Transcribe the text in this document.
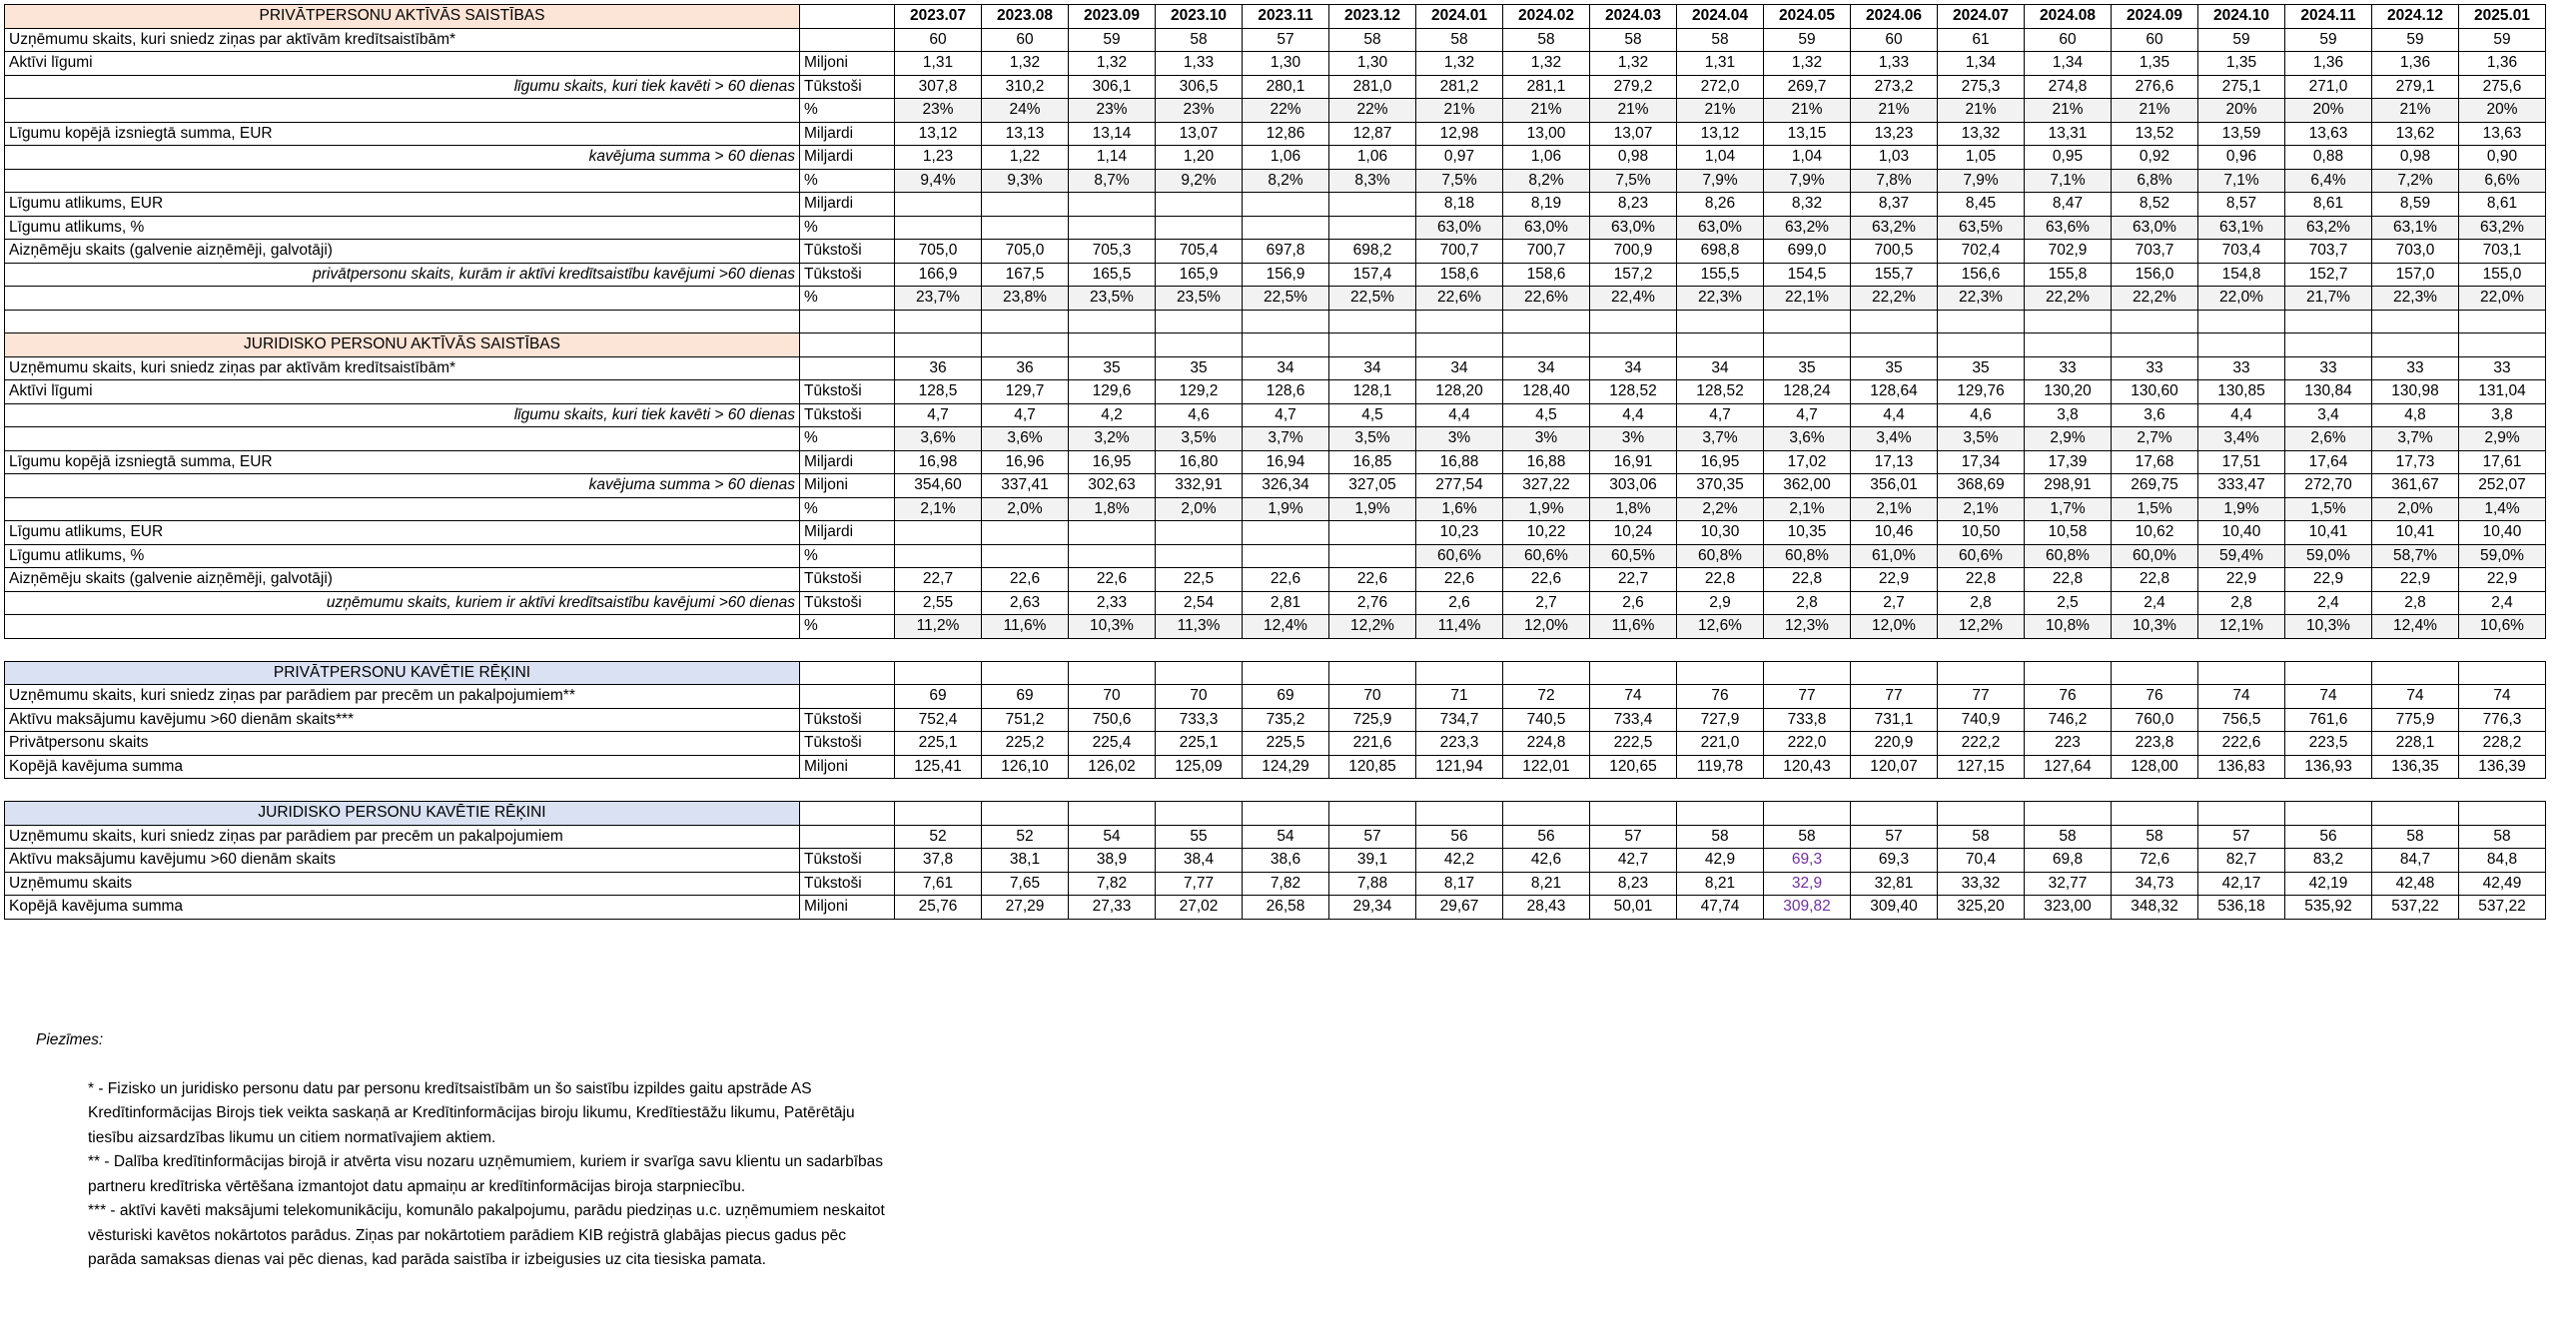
PRIVĀTPERSONU AKTĪVĀS SAISTĪBAS		2023.07	2023.08	2023.09	2023.10	2023.11	2023.12	2024.01	2024.02	2024.03	2024.04	2024.05	2024.06	2024.07	2024.08	2024.09	2024.10	2024.11	2024.12	2025.01
Uzņēmumu skaits, kuri sniedz ziņas par aktīvām kredītsaistībām*		60	60	59	58	57	58	58	58	58	58	59	60	61	60	60	59	59	59	59
Aktīvi līgumi	Miljoni	1,31	1,32	1,32	1,33	1,30	1,30	1,32	1,32	1,32	1,31	1,32	1,33	1,34	1,34	1,35	1,35	1,36	1,36	1,36
līgumu skaits, kuri tiek kavēti > 60 dienas	Tūkstoši	307,8	310,2	306,1	306,5	280,1	281,0	281,2	281,1	279,2	272,0	269,7	273,2	275,3	274,8	276,6	275,1	271,0	279,1	275,6
	%	23%	24%	23%	23%	22%	22%	21%	21%	21%	21%	21%	21%	21%	21%	21%	20%	20%	21%	20%
Līgumu kopējā izsniegtā summa, EUR	Miljardi	13,12	13,13	13,14	13,07	12,86	12,87	12,98	13,00	13,07	13,12	13,15	13,23	13,32	13,31	13,52	13,59	13,63	13,62	13,63
kavējuma summa > 60 dienas	Miljardi	1,23	1,22	1,14	1,20	1,06	1,06	0,97	1,06	0,98	1,04	1,04	1,03	1,05	0,95	0,92	0,96	0,88	0,98	0,90
	%	9,4%	9,3%	8,7%	9,2%	8,2%	8,3%	7,5%	8,2%	7,5%	7,9%	7,9%	7,8%	7,9%	7,1%	6,8%	7,1%	6,4%	7,2%	6,6%
Līgumu atlikums, EUR	Miljardi							8,18	8,19	8,23	8,26	8,32	8,37	8,45	8,47	8,52	8,57	8,61	8,59	8,61
Līgumu atlikums, %	%							63,0%	63,0%	63,0%	63,0%	63,2%	63,2%	63,5%	63,6%	63,0%	63,1%	63,2%	63,1%	63,2%
Aizņēmēju skaits (galvenie aizņēmēji, galvotāji)	Tūkstoši	705,0	705,0	705,3	705,4	697,8	698,2	700,7	700,7	700,9	698,8	699,0	700,5	702,4	702,9	703,7	703,4	703,7	703,0	703,1
privātpersonu skaits, kurām ir aktīvi kredītsaistību kavējumi >60 dienas	Tūkstoši	166,9	167,5	165,5	165,9	156,9	157,4	158,6	158,6	157,2	155,5	154,5	155,7	156,6	155,8	156,0	154,8	152,7	157,0	155,0
	%	23,7%	23,8%	23,5%	23,5%	22,5%	22,5%	22,6%	22,6%	22,4%	22,3%	22,1%	22,2%	22,3%	22,2%	22,2%	22,0%	21,7%	22,3%	22,0%

JURIDISKO PERSONU AKTĪVĀS SAISTĪBAS																				
Uzņēmumu skaits, kuri sniedz ziņas par aktīvām kredītsaistībām*		36	36	35	35	34	34	34	34	34	34	35	35	35	33	33	33	33	33	33
Aktīvi līgumi	Tūkstoši	128,5	129,7	129,6	129,2	128,6	128,1	128,20	128,40	128,52	128,52	128,24	128,64	129,76	130,20	130,60	130,85	130,84	130,98	131,04
līgumu skaits, kuri tiek kavēti > 60 dienas	Tūkstoši	4,7	4,7	4,2	4,6	4,7	4,5	4,4	4,5	4,4	4,7	4,7	4,4	4,6	3,8	3,6	4,4	3,4	4,8	3,8
	%	3,6%	3,6%	3,2%	3,5%	3,7%	3,5%	3%	3%	3%	3,7%	3,6%	3,4%	3,5%	2,9%	2,7%	3,4%	2,6%	3,7%	2,9%
Līgumu kopējā izsniegtā summa, EUR	Miljardi	16,98	16,96	16,95	16,80	16,94	16,85	16,88	16,88	16,91	16,95	17,02	17,13	17,34	17,39	17,68	17,51	17,64	17,73	17,61
kavējuma summa > 60 dienas	Miljoni	354,60	337,41	302,63	332,91	326,34	327,05	277,54	327,22	303,06	370,35	362,00	356,01	368,69	298,91	269,75	333,47	272,70	361,67	252,07
	%	2,1%	2,0%	1,8%	2,0%	1,9%	1,9%	1,6%	1,9%	1,8%	2,2%	2,1%	2,1%	2,1%	1,7%	1,5%	1,9%	1,5%	2,0%	1,4%
Līgumu atlikums, EUR	Miljardi							10,23	10,22	10,24	10,30	10,35	10,46	10,50	10,58	10,62	10,40	10,41	10,41	10,40
Līgumu atlikums, %	%							60,6%	60,6%	60,5%	60,8%	60,8%	61,0%	60,6%	60,8%	60,0%	59,4%	59,0%	58,7%	59,0%
Aizņēmēju skaits (galvenie aizņēmēji, galvotāji)	Tūkstoši	22,7	22,6	22,6	22,5	22,6	22,6	22,6	22,6	22,7	22,8	22,8	22,9	22,8	22,8	22,8	22,9	22,9	22,9	22,9
uzņēmumu skaits, kuriem ir aktīvi kredītsaistību kavējumi >60 dienas	Tūkstoši	2,55	2,63	2,33	2,54	2,81	2,76	2,6	2,7	2,6	2,9	2,8	2,7	2,8	2,5	2,4	2,8	2,4	2,8	2,4
	%	11,2%	11,6%	10,3%	11,3%	12,4%	12,2%	11,4%	12,0%	11,6%	12,6%	12,3%	12,0%	12,2%	10,8%	10,3%	12,1%	10,3%	12,4%	10,6%

PRIVĀTPERSONU KAVĒTIE RĒĶINI																				
Uzņēmumu skaits, kuri sniedz ziņas par parādiem par precēm un pakalpojumiem**		69	69	70	70	69	70	71	72	74	76	77	77	77	76	76	74	74	74	74
Aktīvu maksājumu kavējumu >60 dienām skaits***	Tūkstoši	752,4	751,2	750,6	733,3	735,2	725,9	734,7	740,5	733,4	727,9	733,8	731,1	740,9	746,2	760,0	756,5	761,6	775,9	776,3
Privātpersonu skaits	Tūkstoši	225,1	225,2	225,4	225,1	225,5	221,6	223,3	224,8	222,5	221,0	222,0	220,9	222,2	223	223,8	222,6	223,5	228,1	228,2
Kopējā kavējuma summa	Miljoni	125,41	126,10	126,02	125,09	124,29	120,85	121,94	122,01	120,65	119,78	120,43	120,07	127,15	127,64	128,00	136,83	136,93	136,35	136,39

JURIDISKO PERSONU KAVĒTIE RĒĶINI																				
Uzņēmumu skaits, kuri sniedz ziņas par parādiem par precēm un pakalpojumiem		52	52	54	55	54	57	56	56	57	58	58	57	58	58	58	57	56	58	58
Aktīvu maksājumu kavējumu >60 dienām skaits	Tūkstoši	37,8	38,1	38,9	38,4	38,6	39,1	42,2	42,6	42,7	42,9	69,3	69,3	70,4	69,8	72,6	82,7	83,2	84,7	84,8
Uzņēmumu skaits	Tūkstoši	7,61	7,65	7,82	7,77	7,82	7,88	8,17	8,21	8,23	8,21	32,9	32,81	33,32	32,77	34,73	42,17	42,19	42,48	42,49
Kopējā kavējuma summa	Miljoni	25,76	27,29	27,33	27,02	26,58	29,34	29,67	28,43	50,01	47,74	309,82	309,40	325,20	323,00	348,32	536,18	535,92	537,22	537,22
Piezīmes:

* - Fizisko un juridisko personu datu par personu kredītsaistībām un šo saistību izpildes gaitu apstrāde AS Kredītinformācijas Birojs tiek veikta saskaņā ar Kredītinformācijas biroju likumu, Kredītiestāžu likumu, Patērētāju tiesību aizsardzības likumu un citiem normatīvajiem aktiem.

** - Dalība kredītinformācijas birojā ir atvērta visu nozaru uzņēmumiem, kuriem ir svarīga savu klientu un sadarbības partneru kredītriska vērtēšana izmantojot datu apmaiņu ar kredītinformācijas biroja starpniecību.

*** - aktīvi kavēti maksājumi telekomunikāciju, komunālo pakalpojumu, parādu piedziņas u.c. uzņēmumiem neskaitot vēsturiski kavētos nokārtotos parādus. Ziņas par nokārtotiem parādiem KIB reģistrā glabājas piecus gadus pēc parāda samaksas dienas vai pēc dienas, kad parāda saistība ir izbeigusies uz cita tiesiska pamata.
